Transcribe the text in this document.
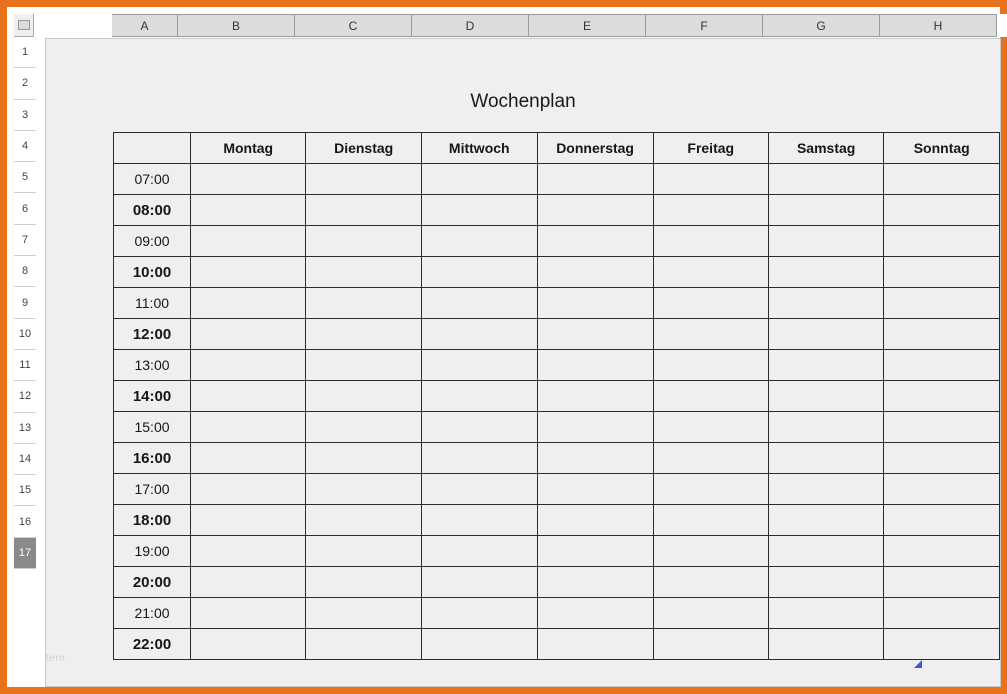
A	B	C	D	E	F	G	H
1
2
3
4
5
6
7
8
9
10
11
12
13
14
15
16
17
Wochenplan
	Montag	Dienstag	Mittwoch	Donnerstag	Freitag	Samstag	Sonntag
07:00							
08:00							
09:00							
10:00							
11:00							
12:00							
13:00							
14:00							
15:00							
16:00							
17:00							
18:00							
19:00							
20:00							
21:00							
22:00							
tern
